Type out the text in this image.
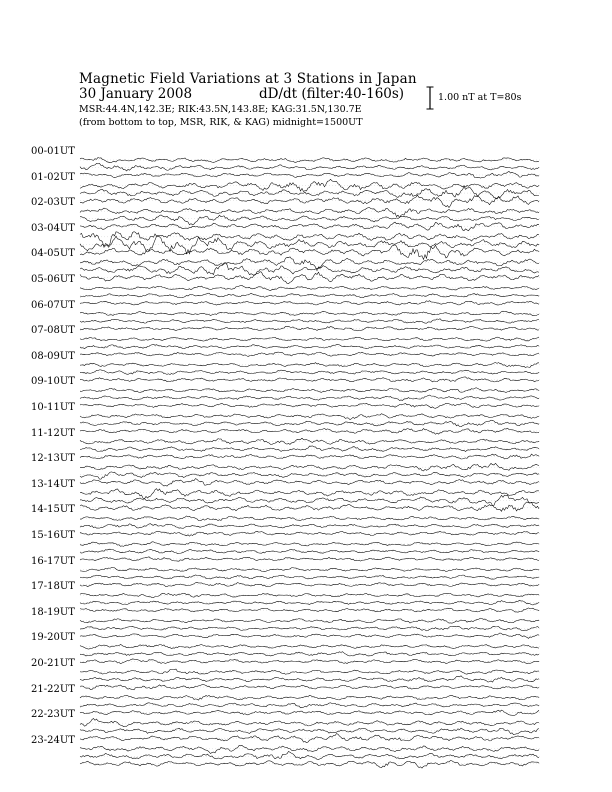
Magnetic Field Variations at 3 Stations in Japan
30 January 2008	dD/dt (filter:40-160s)
MSR:44.4N,142.3E; RIK:43.5N,143.8E; KAG:31.5N,130.7E
(from bottom to top, MSR, RIK, & KAG) midnight=1500UT
1.00 nT at T=80s
00-01UT
01-02UT
02-03UT
03-04UT
04-05UT
05-06UT
06-07UT
07-08UT
08-09UT
09-10UT
10-11UT
11-12UT
12-13UT
13-14UT
14-15UT
15-16UT
16-17UT
17-18UT
18-19UT
19-20UT
20-21UT
21-22UT
22-23UT
23-24UT
